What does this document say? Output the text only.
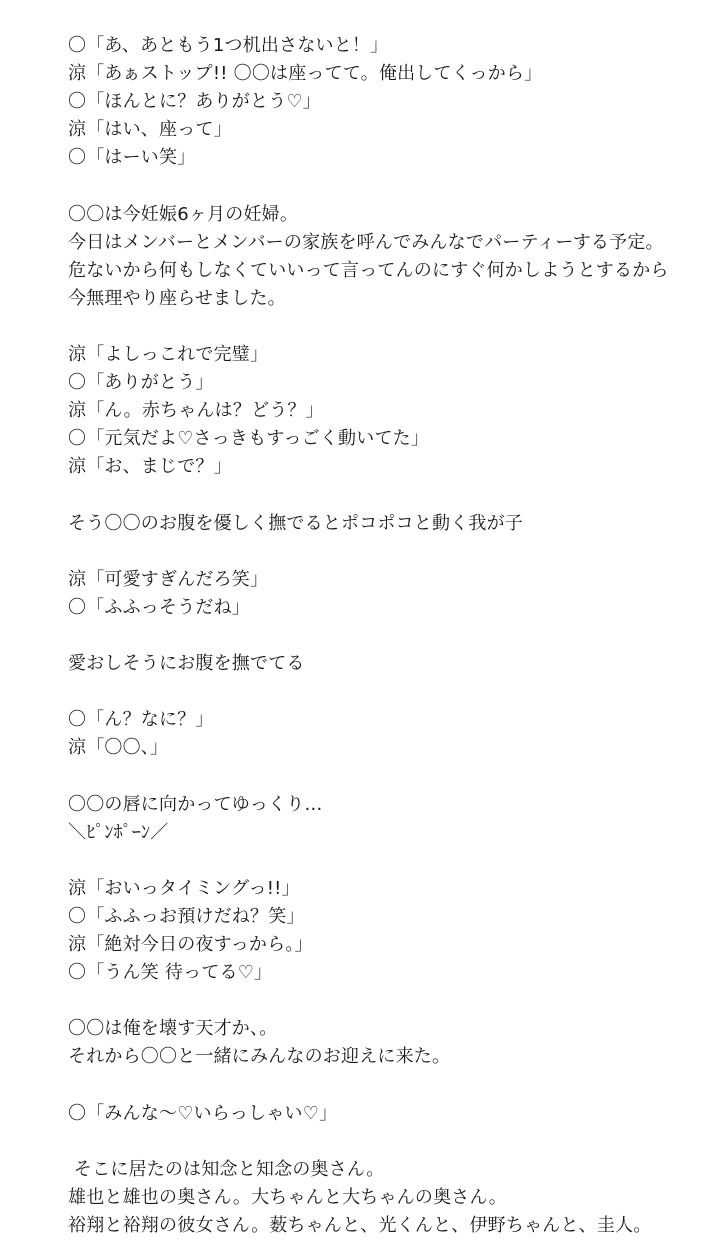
〇「あ、あともう1つ机出さないと！」
涼「あぁストップ!! 〇〇は座ってて。俺出してくっから」
〇「ほんとに？ありがとう♡」
涼「はい、座って」
〇「はーい笑」
〇〇は今妊娠6ヶ月の妊婦。
今日はメンバーとメンバーの家族を呼んでみんなでパーティーする予定。
危ないから何もしなくていいって言ってんのにすぐ何かしようとするから
今無理やり座らせました。
涼「よしっこれで完璧」
〇「ありがとう」
涼「ん。赤ちゃんは？どう？」
〇「元気だよ♡さっきもすっごく動いてた」
涼「お、まじで？」
そう〇〇のお腹を優しく撫でるとポコポコと動く我が子
涼「可愛すぎんだろ笑」
〇「ふふっそうだね」
愛おしそうにお腹を撫でてる
〇「ん？なに？」
涼「〇〇、」
〇〇の唇に向かってゆっくり…
＼ﾋﾟﾝﾎﾟｰﾝ／
涼「おいっタイミングっ!!」
〇「ふふっお預けだね？笑」
涼「絶対今日の夜すっから。」
〇「うん笑 待ってる♡」
〇〇は俺を壊す天才か、。
それから〇〇と一緒にみんなのお迎えに来た。
〇「みんな〜♡いらっしゃい♡」
そこに居たのは知念と知念の奥さん。
雄也と雄也の奥さん。大ちゃんと大ちゃんの奥さん。
裕翔と裕翔の彼女さん。薮ちゃんと、光くんと、伊野ちゃんと、圭人。
